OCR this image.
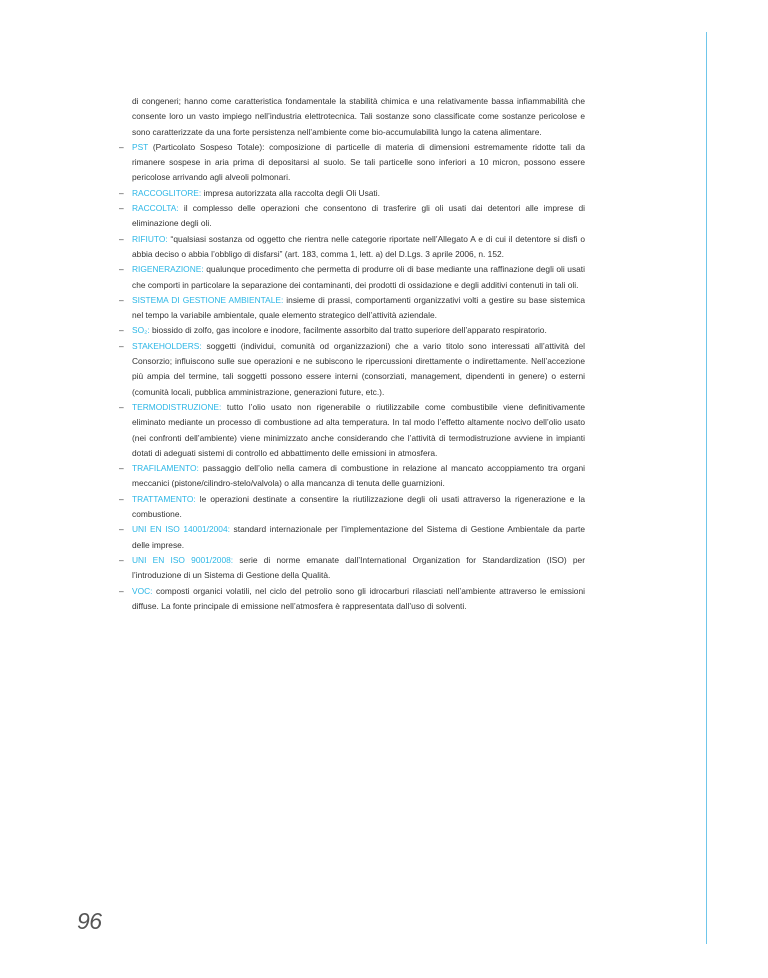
di congeneri; hanno come caratteristica fondamentale la stabilità chimica e una relativamente bassa infiammabilità che consente loro un vasto impiego nell’industria elettrotecnica. Tali sostanze sono classificate come sostanze pericolose e sono caratterizzate da una forte persistenza nell’ambiente come bio-accumulabilità lungo la catena alimentare.

– PST (Particolato Sospeso Totale): composizione di particelle di materia di dimensioni estremamente ridotte tali da rimanere sospese in aria prima di depositarsi al suolo. Se tali particelle sono inferiori a 10 micron, possono essere pericolose arrivando agli alveoli polmonari.

– RACCOGLITORE: impresa autorizzata alla raccolta degli Oli Usati.

– RACCOLTA: il complesso delle operazioni che consentono di trasferire gli oli usati dai detentori alle imprese di eliminazione degli oli.

– RIFIUTO: “qualsiasi sostanza od oggetto che rientra nelle categorie riportate nell’Allegato A e di cui il detentore si disfi o abbia deciso o abbia l’obbligo di disfarsi” (art. 183, comma 1, lett. a) del D.Lgs. 3 aprile 2006, n. 152.

– RIGENERAZIONE: qualunque procedimento che permetta di produrre oli di base mediante una raffinazione degli oli usati che comporti in particolare la separazione dei contaminanti, dei prodotti di ossidazione e degli additivi contenuti in tali oli.

– SISTEMA DI GESTIONE AMBIENTALE: insieme di prassi, comportamenti organizzativi volti a gestire su base sistemica nel tempo la variabile ambientale, quale elemento strategico dell’attività aziendale.

– SO₂: biossido di zolfo, gas incolore e inodore, facilmente assorbito dal tratto superiore dell’apparato respiratorio.

– STAKEHOLDERS: soggetti (individui, comunità od organizzazioni) che a vario titolo sono interessati all’attività del Consorzio; influiscono sulle sue operazioni e ne subiscono le ripercussioni direttamente o indirettamente. Nell’accezione più ampia del termine, tali soggetti possono essere interni (consorziati, management, dipendenti in genere) o esterni (comunità locali, pubblica amministrazione, generazioni future, etc.).

– TERMODISTRUZIONE: tutto l’olio usato non rigenerabile o riutilizzabile come combustibile viene definitivamente eliminato mediante un processo di combustione ad alta temperatura. In tal modo l’effetto altamente nocivo dell’olio usato (nei confronti dell’ambiente) viene minimizzato anche considerando che l’attività di termodistruzione avviene in impianti dotati di adeguati sistemi di controllo ed abbattimento delle emissioni in atmosfera.

– TRAFILAMENTO: passaggio dell’olio nella camera di combustione in relazione al mancato accoppiamento tra organi meccanici (pistone/cilindro-stelo/valvola) o alla mancanza di tenuta delle guarnizioni.

– TRATTAMENTO: le operazioni destinate a consentire la riutilizzazione degli oli usati attraverso la rigenerazione e la combustione.

– UNI EN ISO 14001/2004: standard internazionale per l’implementazione del Sistema di Gestione Ambientale da parte delle imprese.

– UNI EN ISO 9001/2008: serie di norme emanate dall’International Organization for Standardization (ISO) per l’introduzione di un Sistema di Gestione della Qualità.

– VOC: composti organici volatili, nel ciclo del petrolio sono gli idrocarburi rilasciati nell’ambiente attraverso le emissioni diffuse. La fonte principale di emissione nell’atmosfera è rappresentata dall’uso di solventi.

96
